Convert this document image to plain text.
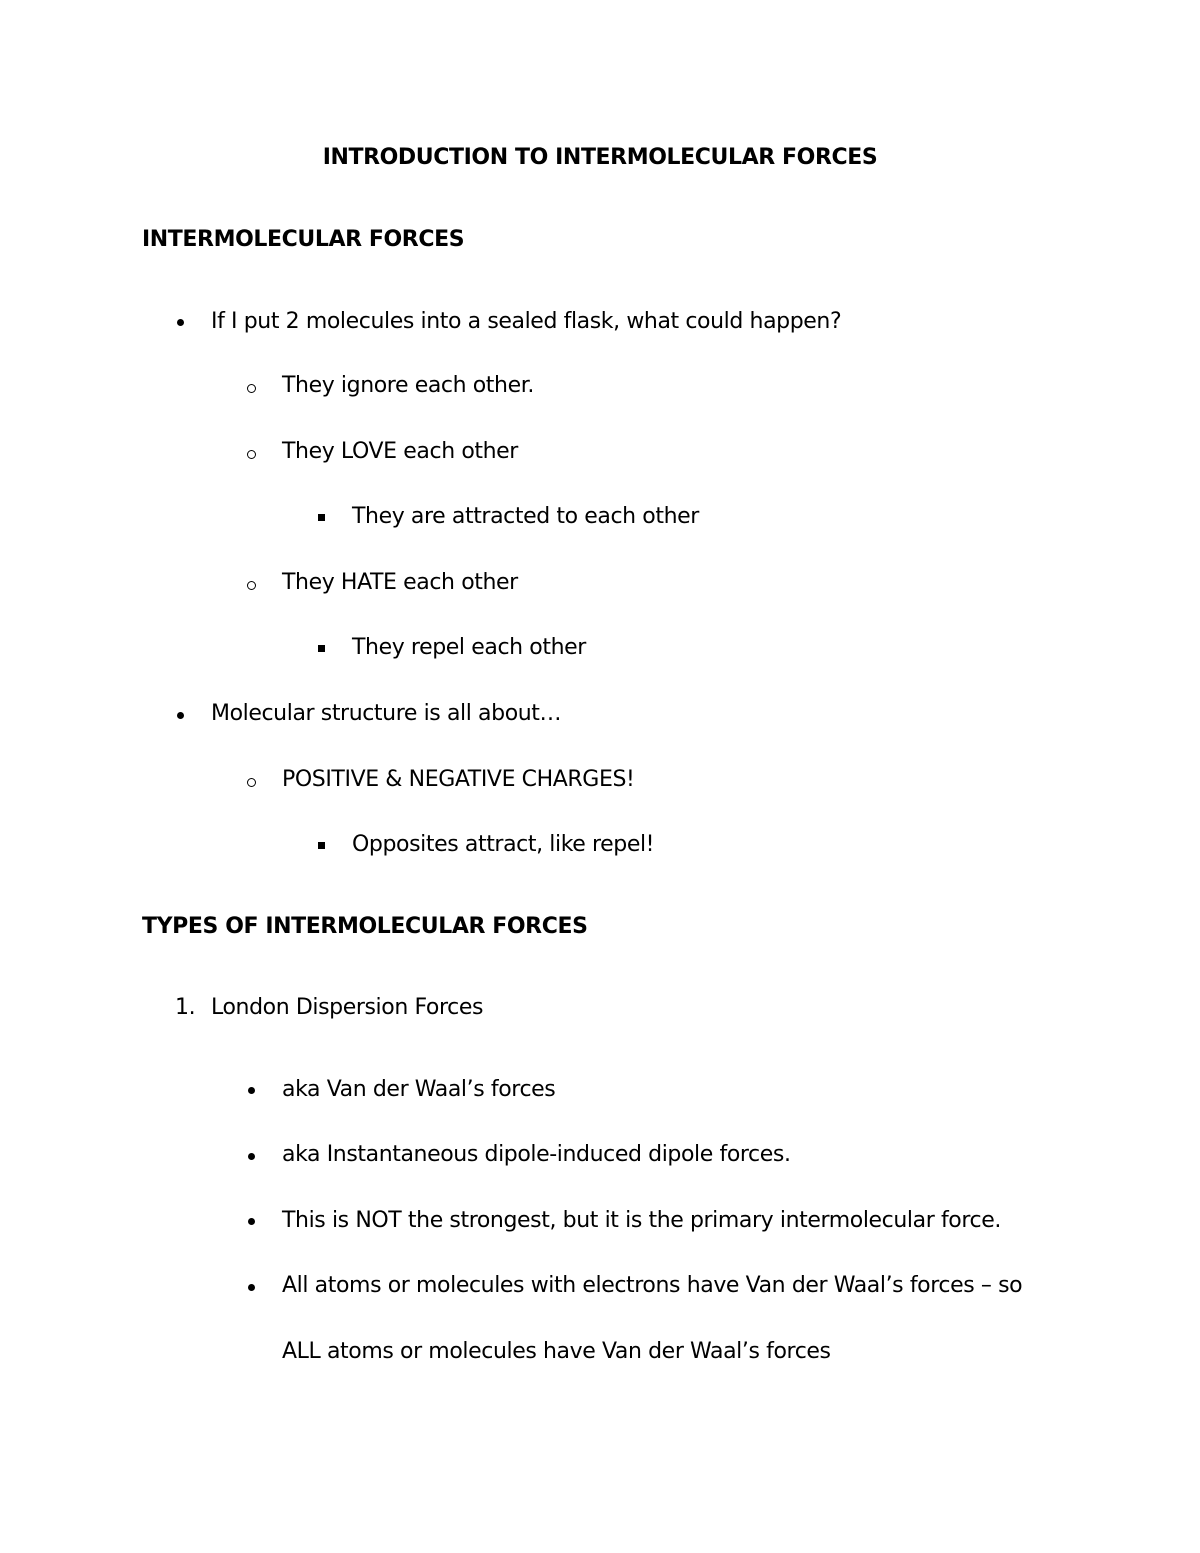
INTRODUCTION TO INTERMOLECULAR FORCES
INTERMOLECULAR FORCES
If I put 2 molecules into a sealed flask, what could happen?
They ignore each other.
They LOVE each other
They are attracted to each other
They HATE each other
They repel each other
Molecular structure is all about…
POSITIVE & NEGATIVE CHARGES!
Opposites attract, like repel!
TYPES OF INTERMOLECULAR FORCES
1. London Dispersion Forces
aka Van der Waal’s forces
aka Instantaneous dipole-induced dipole forces.
This is NOT the strongest, but it is the primary intermolecular force.
All atoms or molecules with electrons have Van der Waal’s forces – so
ALL atoms or molecules have Van der Waal’s forces
